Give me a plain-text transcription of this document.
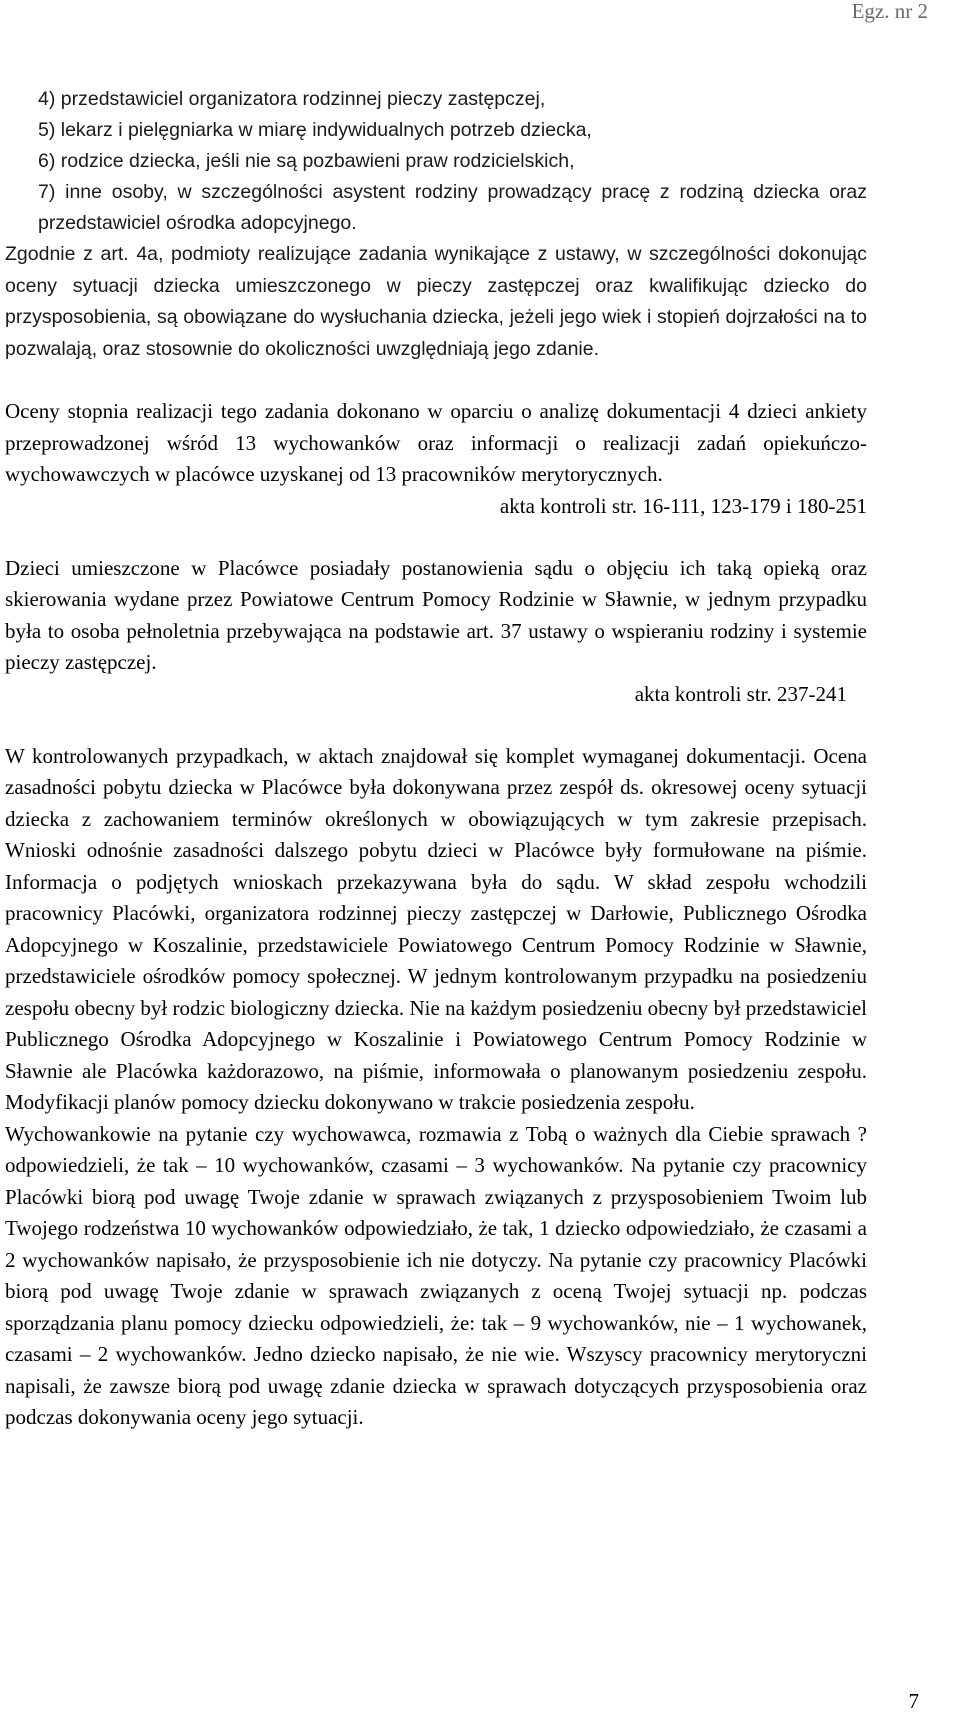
Egz. nr 2
4) przedstawiciel organizatora rodzinnej pieczy zastępczej,
5) lekarz i pielęgniarka w miarę indywidualnych potrzeb dziecka,
6) rodzice dziecka, jeśli nie są pozbawieni praw rodzicielskich,
7) inne osoby, w szczególności asystent rodziny prowadzący pracę z rodziną dziecka oraz przedstawiciel ośrodka adopcyjnego.

Zgodnie z art. 4a, podmioty realizujące zadania wynikające z ustawy, w szczególności dokonując oceny sytuacji dziecka umieszczonego w pieczy zastępczej oraz kwalifikując dziecko do przysposobienia, są obowiązane do wysłuchania dziecka, jeżeli jego wiek i stopień dojrzałości na to pozwalają, oraz stosownie do okoliczności uwzględniają jego zdanie.

Oceny stopnia realizacji tego zadania dokonano w oparciu o analizę dokumentacji 4 dzieci ankiety przeprowadzonej wśród 13 wychowanków oraz informacji o realizacji zadań opiekuńczo-wychowawczych w placówce uzyskanej od 13 pracowników merytorycznych.

akta kontroli str. 16-111, 123-179 i 180-251

Dzieci umieszczone w Placówce posiadały postanowienia sądu o objęciu ich taką opieką oraz skierowania wydane przez Powiatowe Centrum Pomocy Rodzinie w Sławnie, w jednym przypadku była to osoba pełnoletnia przebywająca na podstawie art. 37 ustawy o wspieraniu rodziny i systemie pieczy zastępczej.

akta kontroli str. 237-241

W kontrolowanych przypadkach, w aktach znajdował się komplet wymaganej dokumentacji. Ocena zasadności pobytu dziecka w Placówce była dokonywana przez zespół ds. okresowej oceny sytuacji dziecka z zachowaniem terminów określonych w obowiązujących w tym zakresie przepisach. Wnioski odnośnie zasadności dalszego pobytu dzieci w Placówce były formułowane na piśmie. Informacja o podjętych wnioskach przekazywana była do sądu. W skład zespołu wchodzili pracownicy Placówki, organizatora rodzinnej pieczy zastępczej w Darłowie, Publicznego Ośrodka Adopcyjnego w Koszalinie, przedstawiciele Powiatowego Centrum Pomocy Rodzinie w Sławnie, przedstawiciele ośrodków pomocy społecznej. W jednym kontrolowanym przypadku na posiedzeniu zespołu obecny był rodzic biologiczny dziecka. Nie na każdym posiedzeniu obecny był przedstawiciel Publicznego Ośrodka Adopcyjnego w Koszalinie i Powiatowego Centrum Pomocy Rodzinie w Sławnie ale Placówka każdorazowo, na piśmie, informowała o planowanym posiedzeniu zespołu. Modyfikacji planów pomocy dziecku dokonywano w trakcie posiedzenia zespołu.

Wychowankowie na pytanie czy wychowawca, rozmawia z Tobą o ważnych dla Ciebie sprawach ? odpowiedzieli, że tak – 10 wychowanków, czasami – 3 wychowanków. Na pytanie czy pracownicy Placówki biorą pod uwagę Twoje zdanie w sprawach związanych z przysposobieniem Twoim lub Twojego rodzeństwa 10 wychowanków odpowiedziało, że tak, 1 dziecko odpowiedziało, że czasami a 2 wychowanków napisało, że przysposobienie ich nie dotyczy. Na pytanie czy pracownicy Placówki biorą pod uwagę Twoje zdanie w sprawach związanych z oceną Twojej sytuacji np. podczas sporządzania planu pomocy dziecku odpowiedzieli, że: tak – 9 wychowanków, nie – 1 wychowanek, czasami – 2 wychowanków. Jedno dziecko napisało, że nie wie. Wszyscy pracownicy merytoryczni napisali, że zawsze biorą pod uwagę zdanie dziecka w sprawach dotyczących przysposobienia oraz podczas dokonywania oceny jego sytuacji.

7
